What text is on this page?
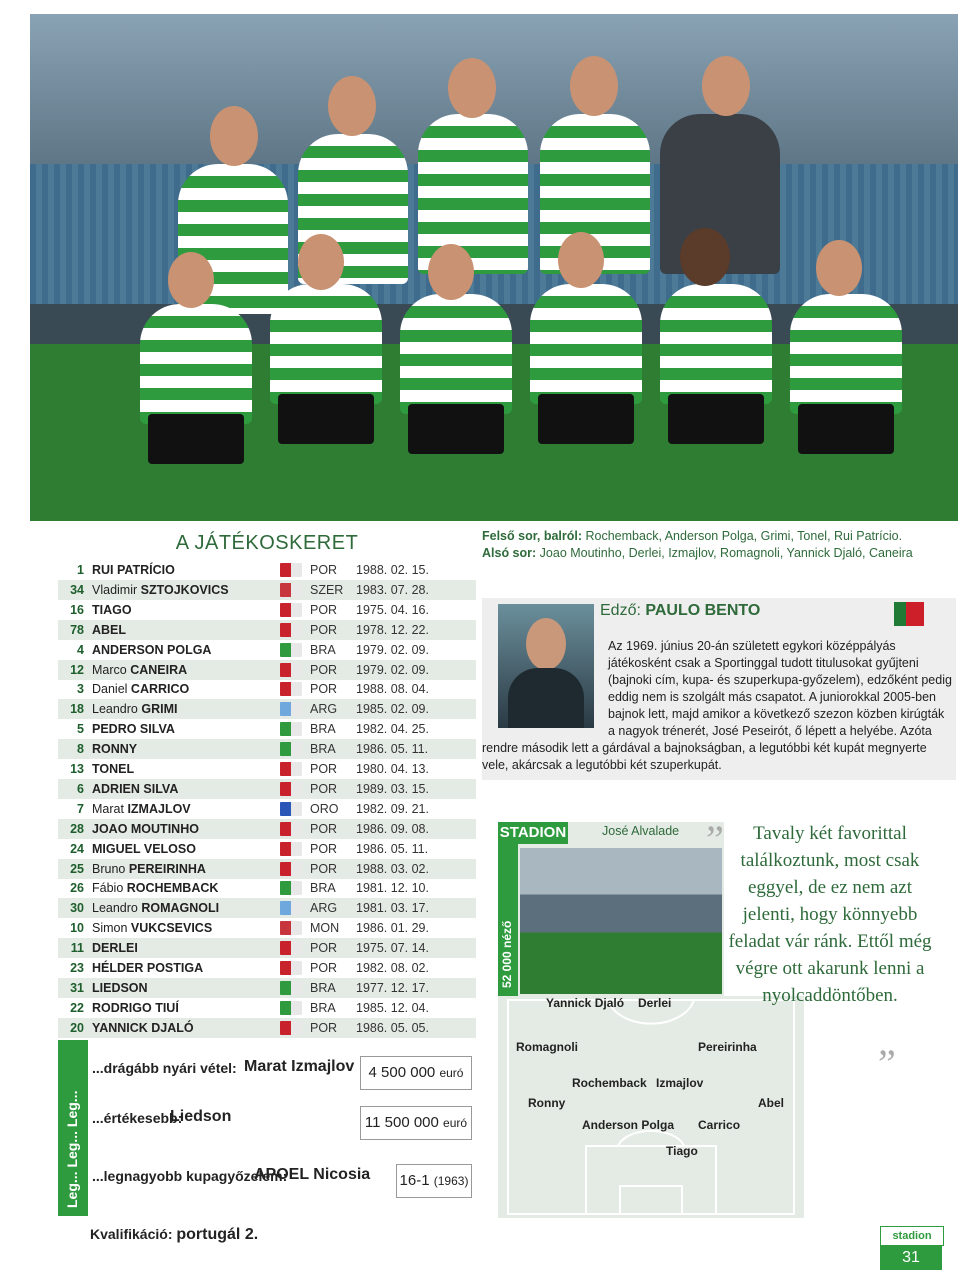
A JÁTÉKOSKERET
1 RUI PATRÍCIO	POR	1988. 02. 15.
34 Vladimir SZTOJKOVICS	SZER	1983. 07. 28.
16 TIAGO	POR	1975. 04. 16.
78 ABEL	POR	1978. 12. 22.
4 ANDERSON POLGA	BRA	1979. 02. 09.
12 Marco CANEIRA	POR	1979. 02. 09.
3 Daniel CARRICO	POR	1988. 08. 04.
18 Leandro GRIMI	ARG	1985. 02. 09.
5 PEDRO SILVA	BRA	1982. 04. 25.
8 RONNY	BRA	1986. 05. 11.
13 TONEL	POR	1980. 04. 13.
6 ADRIEN SILVA	POR	1989. 03. 15.
7 Marat IZMAJLOV	ORO	1982. 09. 21.
28 JOAO MOUTINHO	POR	1986. 09. 08.
24 MIGUEL VELOSO	POR	1986. 05. 11.
25 Bruno PEREIRINHA	POR	1988. 03. 02.
26 Fábio ROCHEMBACK	BRA	1981. 12. 10.
30 Leandro ROMAGNOLI	ARG	1981. 03. 17.
10 Simon VUKCSEVICS	MON	1986. 01. 29.
11 DERLEI	POR	1975. 07. 14.
23 HÉLDER POSTIGA	POR	1982. 08. 02.
31 LIEDSON	BRA	1977. 12. 17.
22 RODRIGO TIUÍ	BRA	1985. 12. 04.
20 YANNICK DJALÓ	POR	1986. 05. 05.
Leg... Leg... Leg...
...drágább nyári vétel: Marat Izmajlov 4 500 000 euró
...értékesebb:
Liedson	11 500 000 euró
...legnagyobb kupagyőzelem:
APOEL Nicosia 16-1 (1963)
Kvalifikáció: portugál 2.
Felső sor, balról: Rochemback, Anderson Polga, Grimi, Tonel, Rui Patrício.
Alsó sor: Joao Moutinho, Derlei, Izmajlov, Romagnoli, Yannick Djaló, Caneira
Edző: PAULO BENTO
Az 1969. június 20-án született egykori középpályás játékosként csak a Sportinggal tudott titulusokat gyűjteni (bajnoki cím, kupa- és szuperkupa-győzelem), edzőként pedig eddig nem is szolgált más csapatot. A juniorokkal 2005-ben bajnok lett, majd amikor a következő szezon közben kirúgták a nagyok trénerét, José Peseirót, ő lépett a helyébe. Azóta rendre második lett a gárdával a bajnokságban, a legutóbbi két kupát megnyerte vele, akárcsak a legutóbbi két szuperkupát.
STADION	José Alvalade
52 000 néző
Yannick Djaló Derlei
Romagnoli	Pereirinha
Rochemback Izmajlov
Ronny	Abel
Anderson Polga Carrico
Tiago
”	Tavaly két favorittal találkoztunk, most csak eggyel, de ez nem azt jelenti, hogy könnyebb feladat vár ránk. Ettől még végre ott akarunk lenni a nyolcaddöntőben.
”
stadion
31
